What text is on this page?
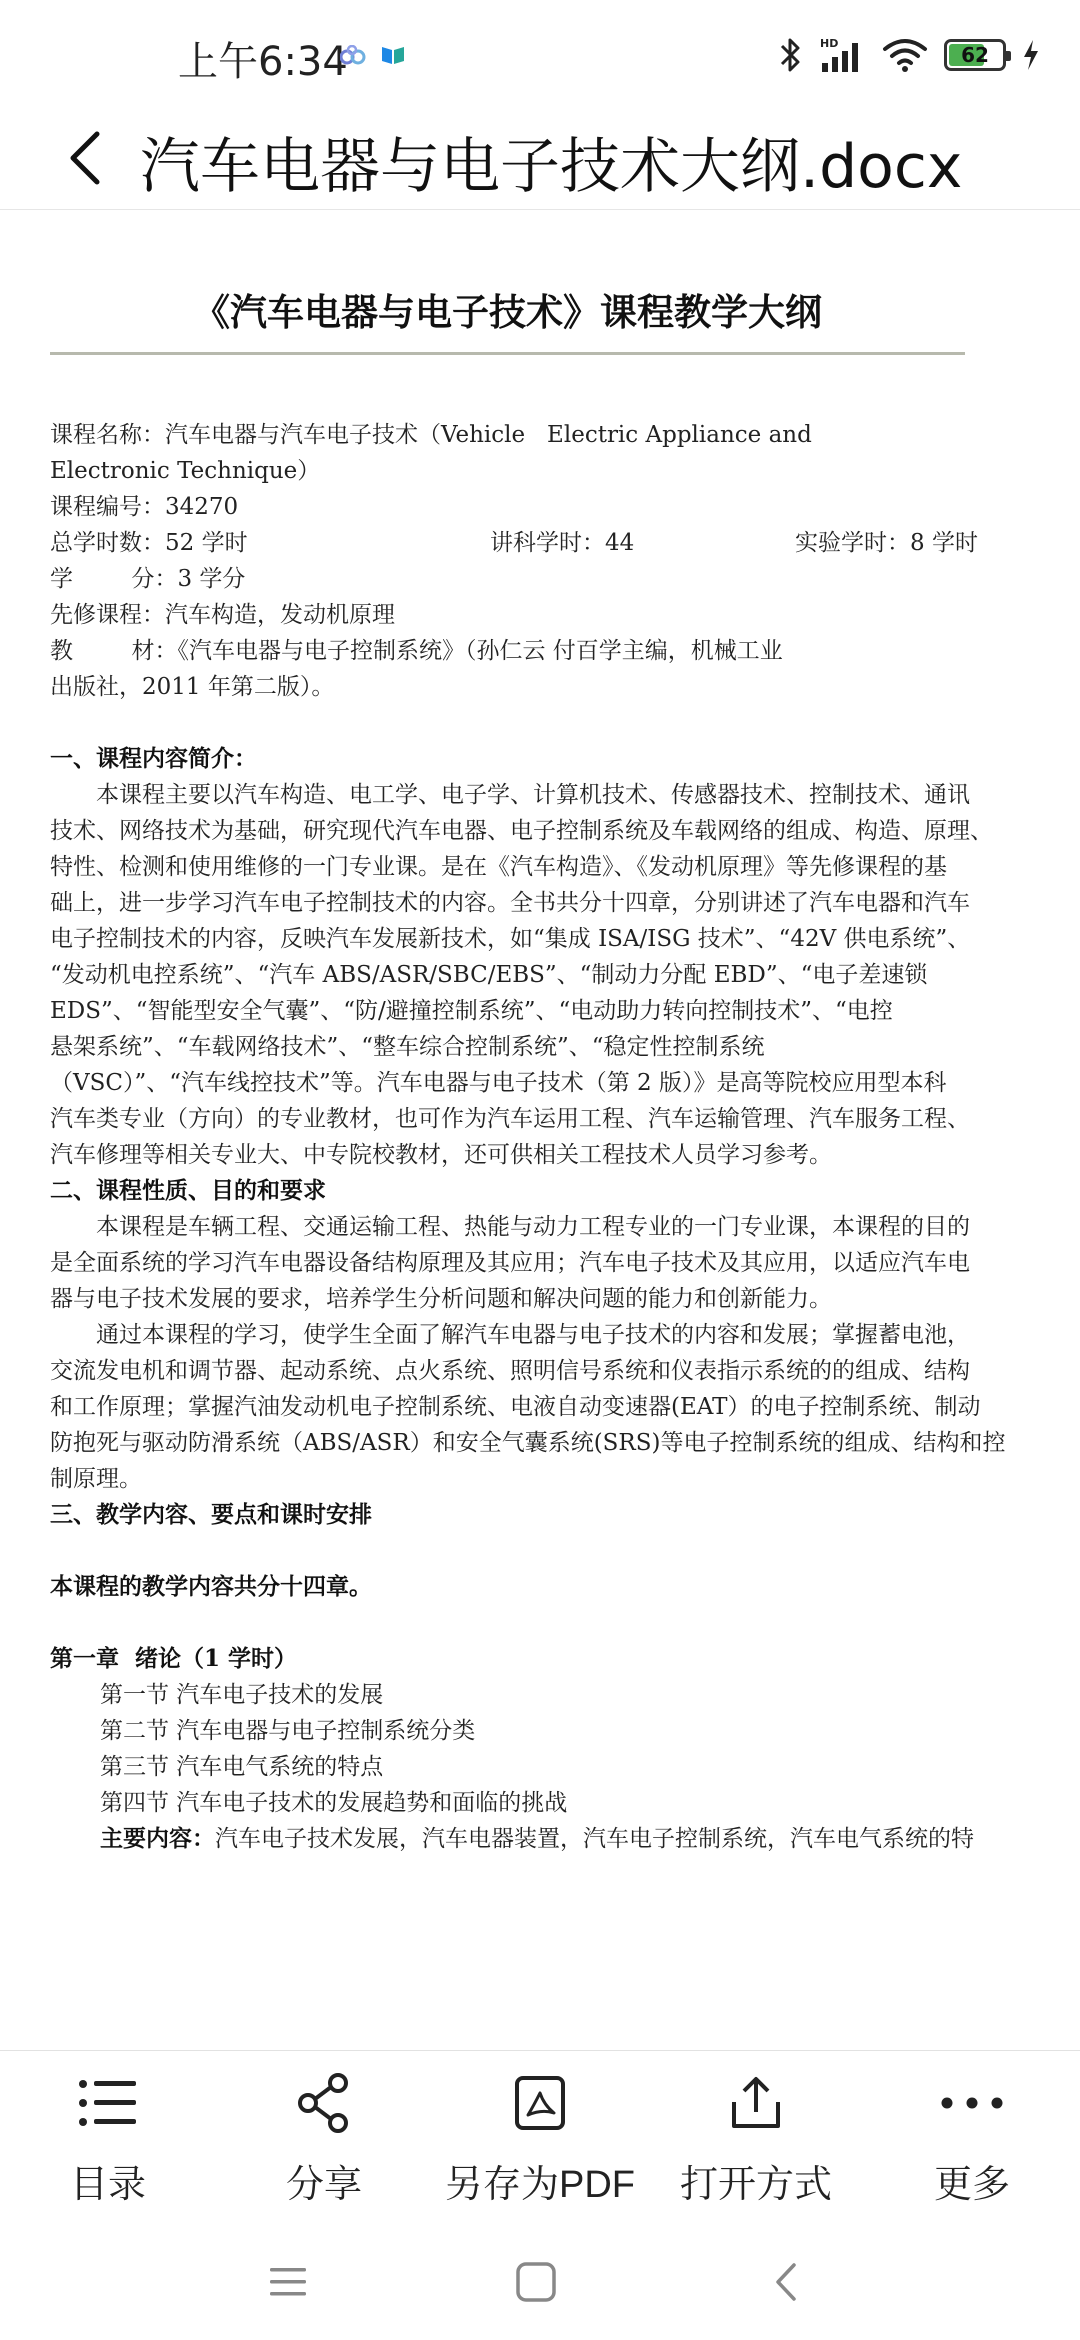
上午6:34	HD	62
汽车电器与电子技术大纲.docx
《汽车电器与电子技术》课程教学大纲
课程名称：汽车电器与汽车电子技术（Vehicle   Electric Appliance and
Electronic Technique）
课程编号：34270
总学时数：52 学时	讲科学时：44	实验学时：8 学时
学        分：3 学分
先修课程：汽车构造，发动机原理
教        材：《汽车电器与电子控制系统》（孙仁云 付百学主编，机械工业
出版社，2011 年第二版）。
一、课程内容简介：
本课程主要以汽车构造、电工学、电子学、计算机技术、传感器技术、控制技术、通讯
技术、网络技术为基础，研究现代汽车电器、电子控制系统及车载网络的组成、构造、原理、
特性、检测和使用维修的一门专业课。是在《汽车构造》、《发动机原理》等先修课程的基
础上，进一步学习汽车电子控制技术的内容。全书共分十四章，分别讲述了汽车电器和汽车
电子控制技术的内容，反映汽车发展新技术，如“集成 ISA/ISG 技术”、“42V 供电系统”、
“发动机电控系统”、“汽车 ABS/ASR/SBC/EBS”、“制动力分配 EBD”、“电子差速锁
EDS”、“智能型安全气囊”、“防/避撞控制系统”、“电动助力转向控制技术”、“电控
悬架系统”、“车载网络技术”、“整车综合控制系统”、“稳定性控制系统
（VSC）”、“汽车线控技术”等。汽车电器与电子技术（第 2 版）》是高等院校应用型本科
汽车类专业（方向）的专业教材，也可作为汽车运用工程、汽车运输管理、汽车服务工程、
汽车修理等相关专业大、中专院校教材，还可供相关工程技术人员学习参考。
二、课程性质、目的和要求
本课程是车辆工程、交通运输工程、热能与动力工程专业的一门专业课，本课程的目的
是全面系统的学习汽车电器设备结构原理及其应用；汽车电子技术及其应用，以适应汽车电
器与电子技术发展的要求，培养学生分析问题和解决问题的能力和创新能力。
通过本课程的学习，使学生全面了解汽车电器与电子技术的内容和发展；掌握蓄电池，
交流发电机和调节器、起动系统、点火系统、照明信号系统和仪表指示系统的的组成、结构
和工作原理；掌握汽油发动机电子控制系统、电液自动变速器(EAT）的电子控制系统、制动
防抱死与驱动防滑系统（ABS/ASR）和安全气囊系统(SRS)等电子控制系统的组成、结构和控
制原理。
三、教学内容、要点和课时安排
本课程的教学内容共分十四章。
第一章  绪论（1 学时）
第一节 汽车电子技术的发展
第二节 汽车电器与电子控制系统分类
第三节 汽车电气系统的特点
第四节 汽车电子技术的发展趋势和面临的挑战
主要内容：汽车电子技术发展，汽车电器装置，汽车电子控制系统，汽车电气系统的特
目录	分享	另存为PDF	打开方式	更多
